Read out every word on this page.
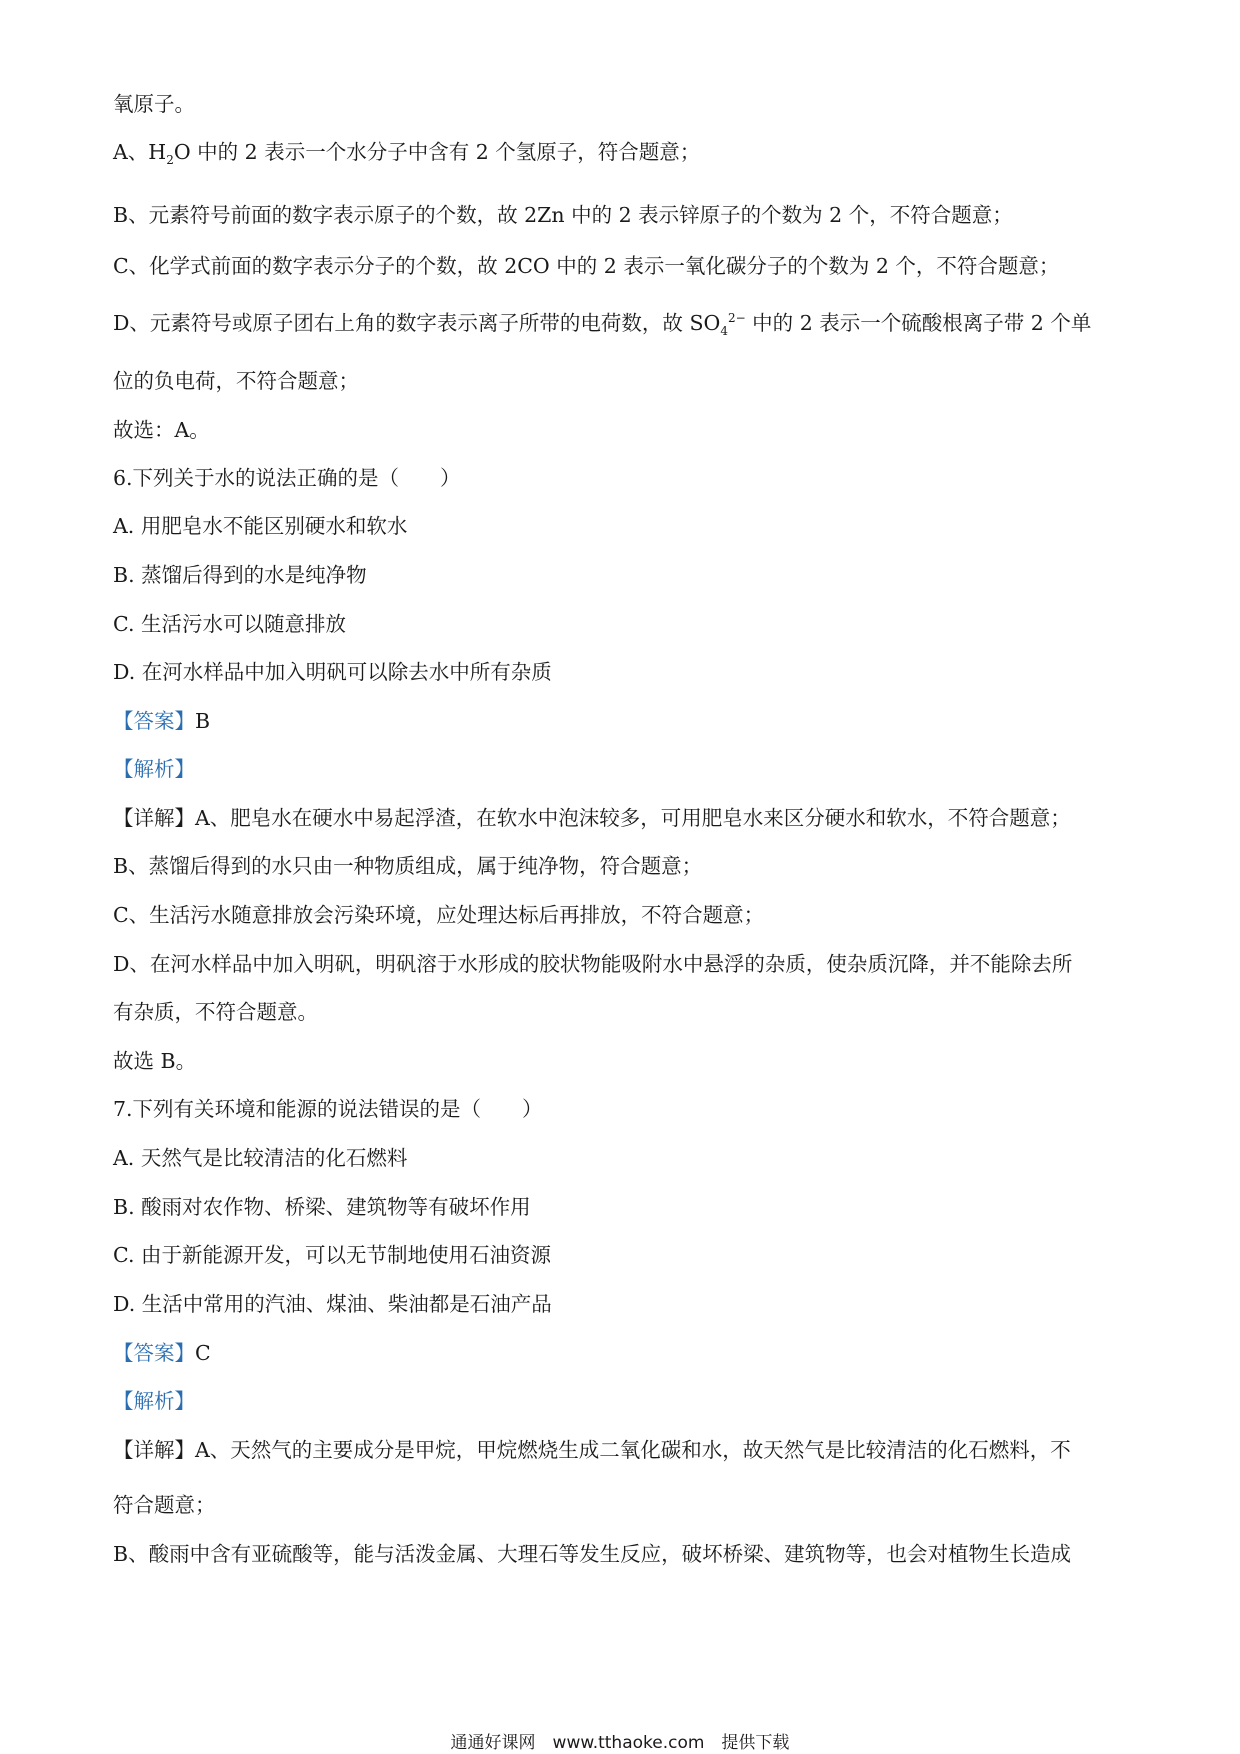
氧原子。
A、$H_2O$ 中的 2 表示一个水分子中含有 2 个氢原子，符合题意；
B、元素符号前面的数字表示原子的个数，故 2Zn 中的 2 表示锌原子的个数为 2 个，不符合题意；
C、化学式前面的数字表示分子的个数，故 2CO 中的 2 表示一氧化碳分子的个数为 2 个，不符合题意；
D、元素符号或原子团右上角的数字表示离子所带的电荷数，故 $SO_4^{2-}$ 中的 2 表示一个硫酸根离子带 2 个单
位的负电荷，不符合题意；
故选：A。
6.下列关于水的说法正确的是（　　）
A. 用肥皂水不能区别硬水和软水
B. 蒸馏后得到的水是纯净物
C. 生活污水可以随意排放
D. 在河水样品中加入明矾可以除去水中所有杂质
【答案】B
【解析】
【详解】A、肥皂水在硬水中易起浮渣，在软水中泡沫较多，可用肥皂水来区分硬水和软水，不符合题意；
B、蒸馏后得到的水只由一种物质组成，属于纯净物，符合题意；
C、生活污水随意排放会污染环境，应处理达标后再排放，不符合题意；
D、在河水样品中加入明矾，明矾溶于水形成的胶状物能吸附水中悬浮的杂质，使杂质沉降，并不能除去所
有杂质，不符合题意。
故选 B。
7.下列有关环境和能源的说法错误的是（　　）
A. 天然气是比较清洁的化石燃料
B. 酸雨对农作物、桥梁、建筑物等有破坏作用
C. 由于新能源开发，可以无节制地使用石油资源
D. 生活中常用的汽油、煤油、柴油都是石油产品
【答案】C
【解析】
【详解】A、天然气的主要成分是甲烷，甲烷燃烧生成二氧化碳和水，故天然气是比较清洁的化石燃料，不
符合题意；
B、酸雨中含有亚硫酸等，能与活泼金属、大理石等发生反应，破坏桥梁、建筑物等，也会对植物生长造成
通通好课网　www.tthaoke.com　提供下载
